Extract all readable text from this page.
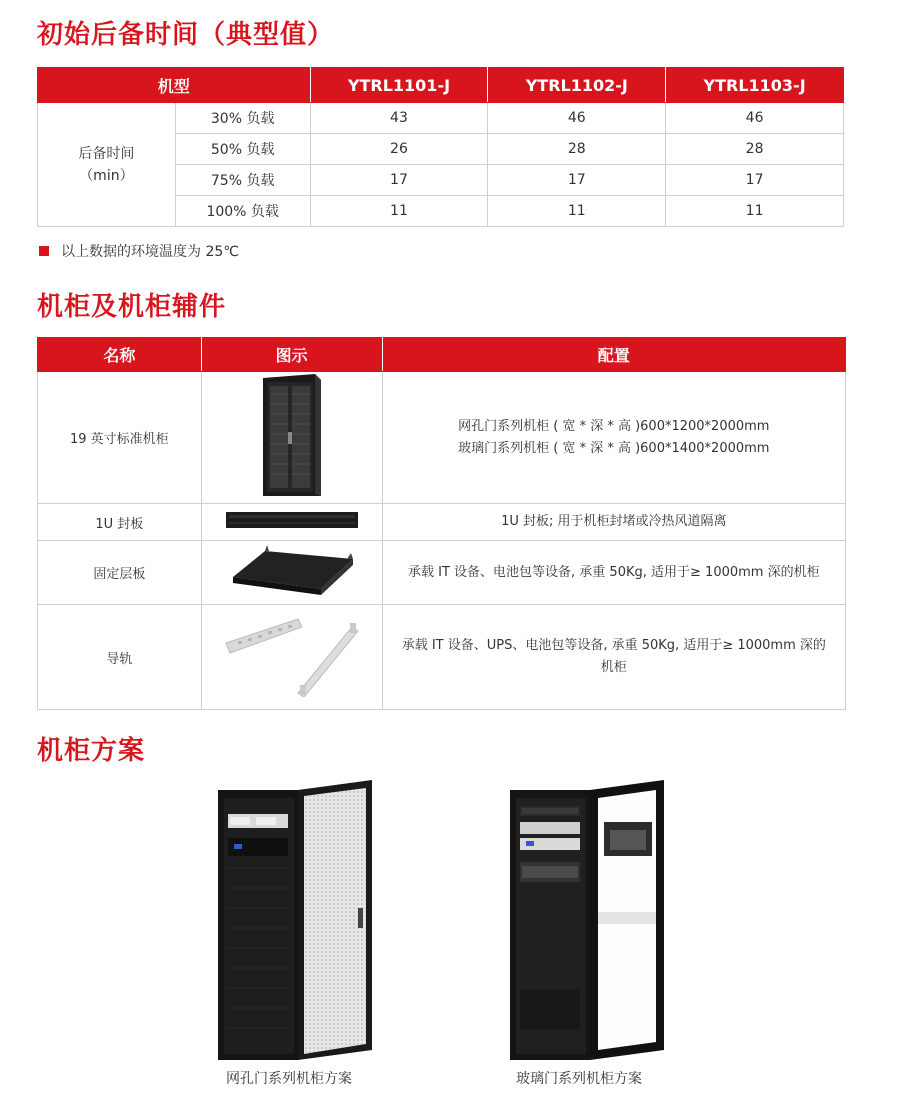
初始后备时间（典型值）
机型		YTRL1101-J	YTRL1102-J	YTRL1103-J

后备时间
（min）	30% 负载	43	46	46
	50% 负载	26	28	28
	75% 负载	17	17	17
	100% 负载	11	11	11
以上数据的环境温度为 25℃
机柜及机柜辅件
名称	图示	配置
19 英寸标准机柜		网孔门系列机柜 ( 宽 * 深 * 高 )600*1200*2000mm
玻璃门系列机柜 ( 宽 * 深 * 高 )600*1400*2000mm

1U 封板		1U 封板; 用于机柜封堵或冷热风道隔离

固定层板		承载 IT 设备、电池包等设备, 承重 50Kg, 适用于≥ 1000mm 深的机柜

导轨		承载 IT 设备、UPS、电池包等设备, 承重 50Kg, 适用于≥ 1000mm 深的
机柜
机柜方案
网孔门系列机柜方案	玻璃门系列机柜方案
